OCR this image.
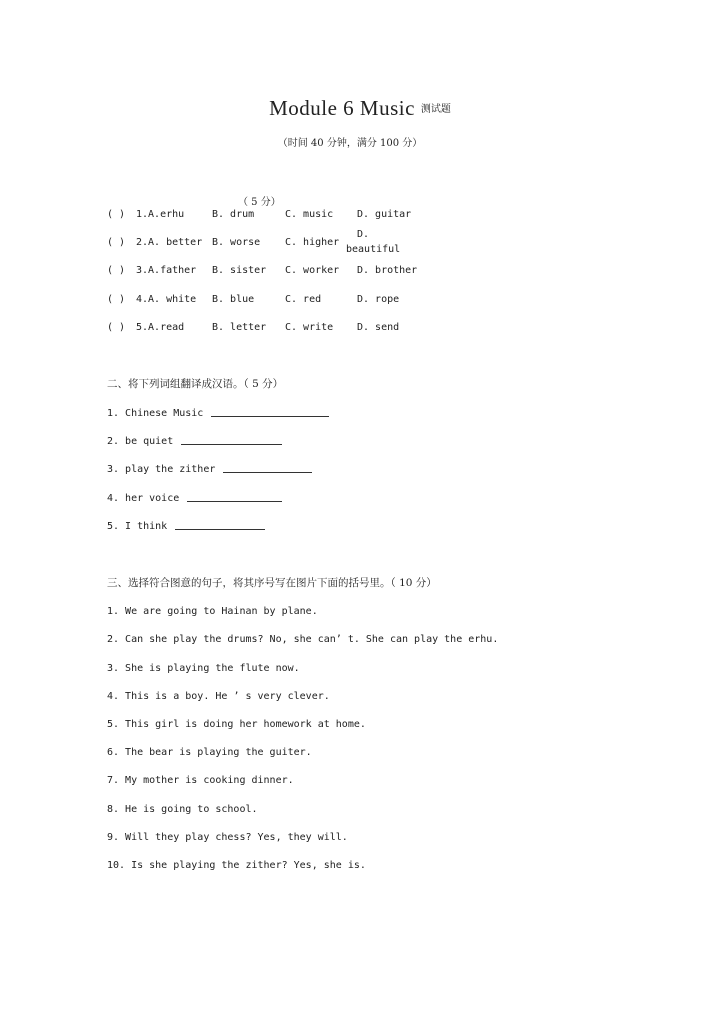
Module 6 Music $^{测试题}$
（时间 40 分钟，满分 100 分）
（ 5 分）
( ) 1.A.erhu	B. drum	C. music D. guitar
( ) 2.A. better B. worse C. higher
D.
beautiful
( ) 3.A.father B. sister C. worker D. brother
( ) 4.A. white B. blue	C. red	D. rope
( ) 5.A.read	B. letter C. write D. send
二、将下列词组翻译成汉语。（ 5 分）
1. Chinese Music
2. be quiet
3. play the zither
4. her voice
5. I think
三、选择符合图意的句子，将其序号写在图片下面的括号里。（ 10 分）
1. We are going to Hainan by plane.
2. Can she play the drums? No, she can’ t. She can play the erhu.
3. She is playing the flute now.
4. This is a boy. He ’ s very clever.
5. This girl is doing her homework at home.
6. The bear is playing the guiter.
7. My mother is cooking dinner.
8. He is going to school.
9. Will they play chess? Yes, they will.
10. Is she playing the zither? Yes, she is.
